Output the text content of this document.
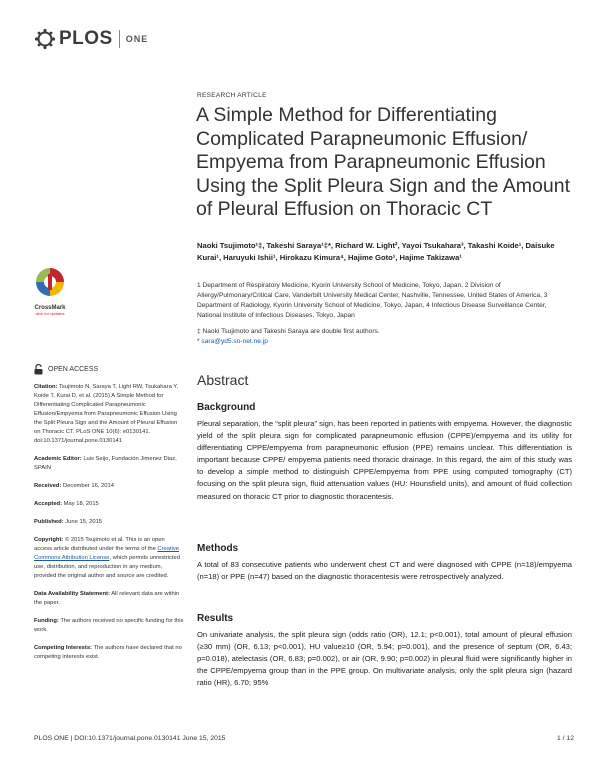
PLOS ONE
RESEARCH ARTICLE
A Simple Method for Differentiating Complicated Parapneumonic Effusion/ Empyema from Parapneumonic Effusion Using the Split Pleura Sign and the Amount of Pleural Effusion on Thoracic CT
Naoki Tsujimoto¹‡, Takeshi Saraya¹‡*, Richard W. Light², Yayoi Tsukahara³, Takashi Koide¹, Daisuke Kurai¹, Haruyuki Ishii¹, Hirokazu Kimura⁴, Hajime Goto¹, Hajime Takizawa¹
1 Department of Respiratory Medicine, Kyorin University School of Medicine, Tokyo, Japan, 2 Division of Allergy/Pulmonary/Critical Care, Vanderbilt University Medical Center, Nashville, Tennessee, United States of America, 3 Department of Radiology, Kyorin University School of Medicine, Tokyo, Japan, 4 Infectious Disease Surveillance Center, National Institute of Infectious Diseases, Tokyo, Japan
‡ Naoki Tsujimoto and Takeshi Saraya are double first authors.
* sara@yd5.so-net.ne.jp
CrossMark
click for updates
OPEN ACCESS
Citation: Tsujimoto N, Saraya T, Light RW, Tsukahara Y, Koide T, Kurai D, et al. (2015) A Simple Method for Differentiating Complicated Parapneumonic Effusion/Empyema from Parapneumonic Effusion Using the Split Pleura Sign and the Amount of Pleural Effusion on Thoracic CT. PLoS ONE 10(6): e0130141. doi:10.1371/journal.pone.0130141
Academic Editor: Luis Seijo, Fundación Jimenez Diaz, SPAIN
Received: December 16, 2014
Accepted: May 18, 2015
Published: June 15, 2015
Copyright: © 2015 Tsujimoto et al. This is an open access article distributed under the terms of the Creative Commons Attribution License, which permits unrestricted use, distribution, and reproduction in any medium, provided the original author and source are credited.
Data Availability Statement: All relevant data are within the paper.
Funding: The authors received no specific funding for this work.
Competing Interests: The authors have declared that no competing interests exist.
Abstract
Background
Pleural separation, the “split pleura” sign, has been reported in patients with empyema. However, the diagnostic yield of the split pleura sign for complicated parapneumonic effusion (CPPE)/empyema and its utility for differentiating CPPE/empyema from parapneumonic effusion (PPE) remains unclear. This differentiation is important because CPPE/ empyema patients need thoracic drainage. In this regard, the aim of this study was to develop a simple method to distinguish CPPE/empyema from PPE using computed tomography (CT) focusing on the split pleura sign, fluid attenuation values (HU: Hounsfield units), and amount of fluid collection measured on thoracic CT prior to diagnostic thoracentesis.
Methods
A total of 83 consecutive patients who underwent chest CT and were diagnosed with CPPE (n=18)/empyema (n=18) or PPE (n=47) based on the diagnostic thoracentesis were retrospectively analyzed.
Results
On univariate analysis, the split pleura sign (odds ratio (OR), 12.1; p<0.001), total amount of pleural effusion (≥30 mm) (OR, 6.13; p<0.001), HU value≥10 (OR, 5.94; p=0.001), and the presence of septum (OR, 6.43; p=0.018), atelectasis (OR, 6.83; p=0.002), or air (OR, 9.90; p=0.002) in pleural fluid were significantly higher in the CPPE/empyema group than in the PPE group. On multivariate analysis, only the split pleura sign (hazard ratio (HR), 6.70; 95%
PLOS ONE | DOI:10.1371/journal.pone.0130141 June 15, 2015	1 / 12
